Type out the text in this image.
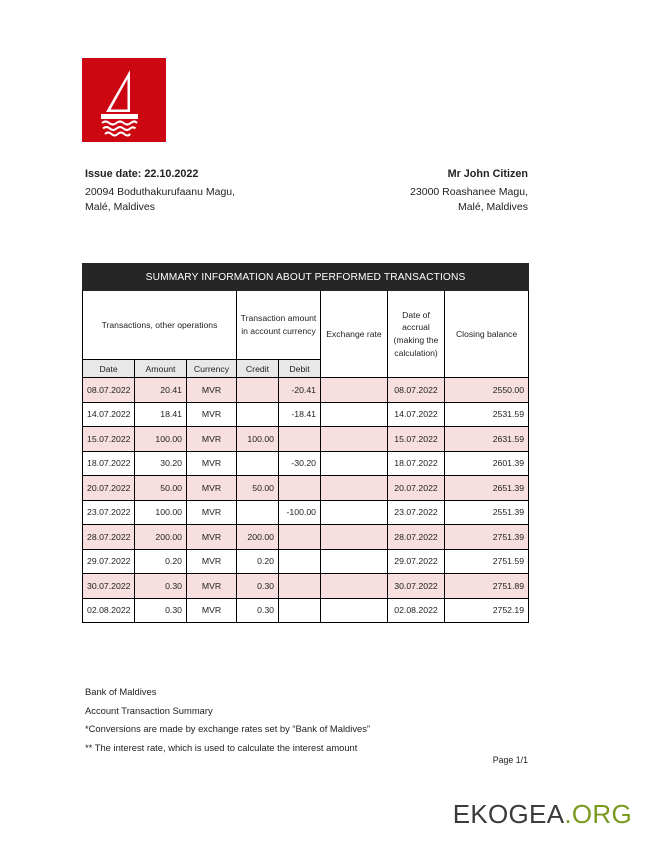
Issue date: 22.10.2022
20094 Boduthakurufaanu Magu,
Malé, Maldives
Mr John Citizen
23000 Roashanee Magu,
Malé, Maldives
SUMMARY INFORMATION ABOUT PERFORMED TRANSACTIONS							
Transactions, other operations			Transaction amount in account currency		Exchange rate	Date of accrual (making the calculation)	Closing balance
Date	Amount	Currency	Credit	Debit			
08.07.2022	20.41	MVR		-20.41		08.07.2022	2550.00
14.07.2022	18.41	MVR		-18.41		14.07.2022	2531.59
15.07.2022	100.00	MVR	100.00			15.07.2022	2631.59
18.07.2022	30.20	MVR		-30.20		18.07.2022	2601.39
20.07.2022	50.00	MVR	50.00			20.07.2022	2651.39
23.07.2022	100.00	MVR		-100.00		23.07.2022	2551.39
28.07.2022	200.00	MVR	200.00			28.07.2022	2751.39
29.07.2022	0.20	MVR	0.20			29.07.2022	2751.59
30.07.2022	0.30	MVR	0.30			30.07.2022	2751.89
02.08.2022	0.30	MVR	0.30			02.08.2022	2752.19
Bank of Maldives
Account Transaction Summary
*Conversions are made by exchange rates set by “Bank of Maldives”
** The interest rate, which is used to calculate the interest amount
Page 1/1
EKOGEA.ORG
